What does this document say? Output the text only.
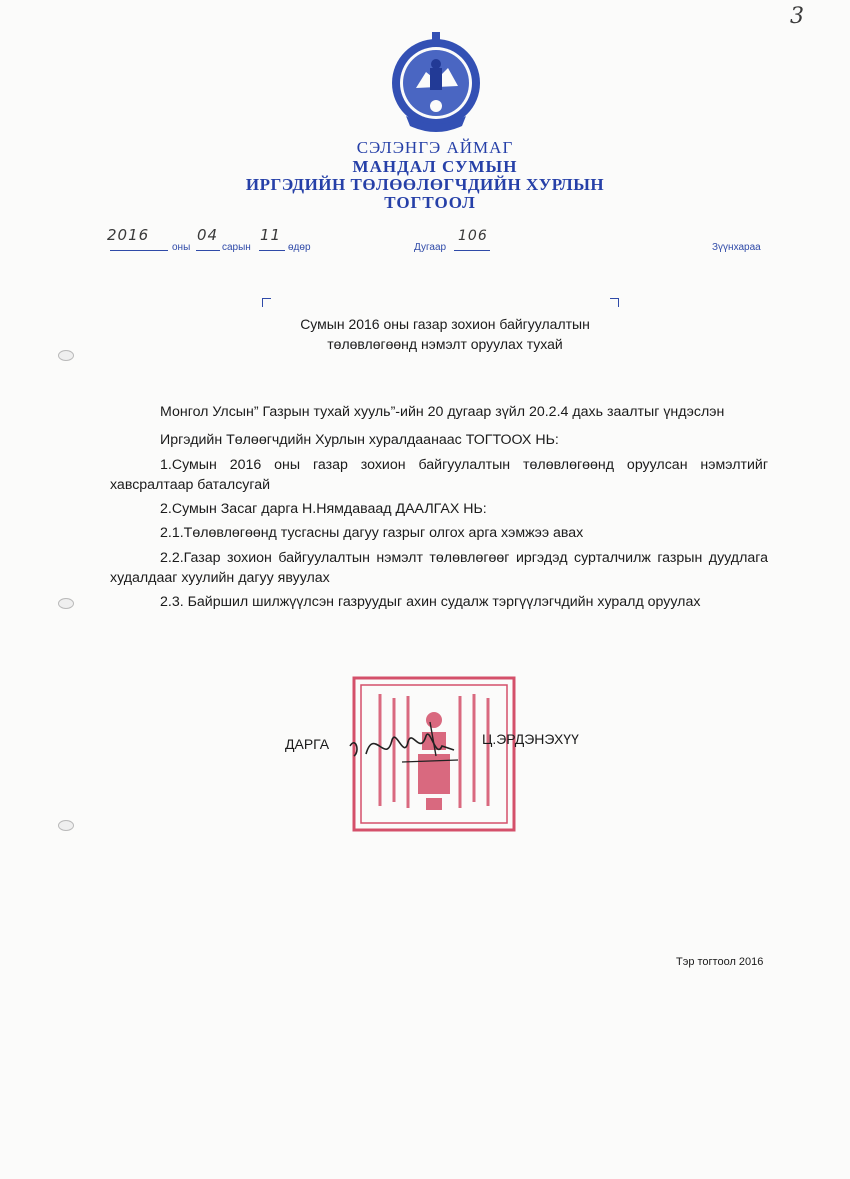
3
СЭЛЭНГЭ АЙМАГ
МАНДАЛ СУМЫН
ИРГЭДИЙН ТӨЛӨӨЛӨГЧДИЙН ХУРЛЫН
ТОГТООЛ
2016
оны
04
сарын
11
өдөр	Дугаар
106
Зүүнхараа
Сумын 2016 оны газар зохион байгуулалтын
төлөвлөгөөнд нэмэлт оруулах тухай

Монгол Улсын” Газрын тухай хууль”-ийн 20 дугаар зүйл 20.2.4 дахь заалтыг үндэслэн

Иргэдийн Төлөөгчдийн Хурлын хуралдаанаас ТОГТООХ НЬ:

1.Сумын 2016 оны газар зохион байгуулалтын төлөвлөгөөнд оруулсан нэмэлтийг хавсралтаар баталсугай

2.Сумын Засаг дарга Н.Нямдаваад ДААЛГАХ НЬ:

2.1.Төлөвлөгөөнд тусгасны дагуу газрыг олгох арга хэмжээ авах

2.2.Газар зохион байгуулалтын нэмэлт төлөвлөгөөг иргэдэд сурталчилж газрын дуудлага худалдааг хуулийн дагуу явуулах

2.3. Байршил шилжүүлсэн газруудыг ахин судалж тэргүүлэгчдийн хуралд оруулах

ДАРГА	Ц.ЭРДЭНЭХҮҮ
Тэр тогтоол 2016
